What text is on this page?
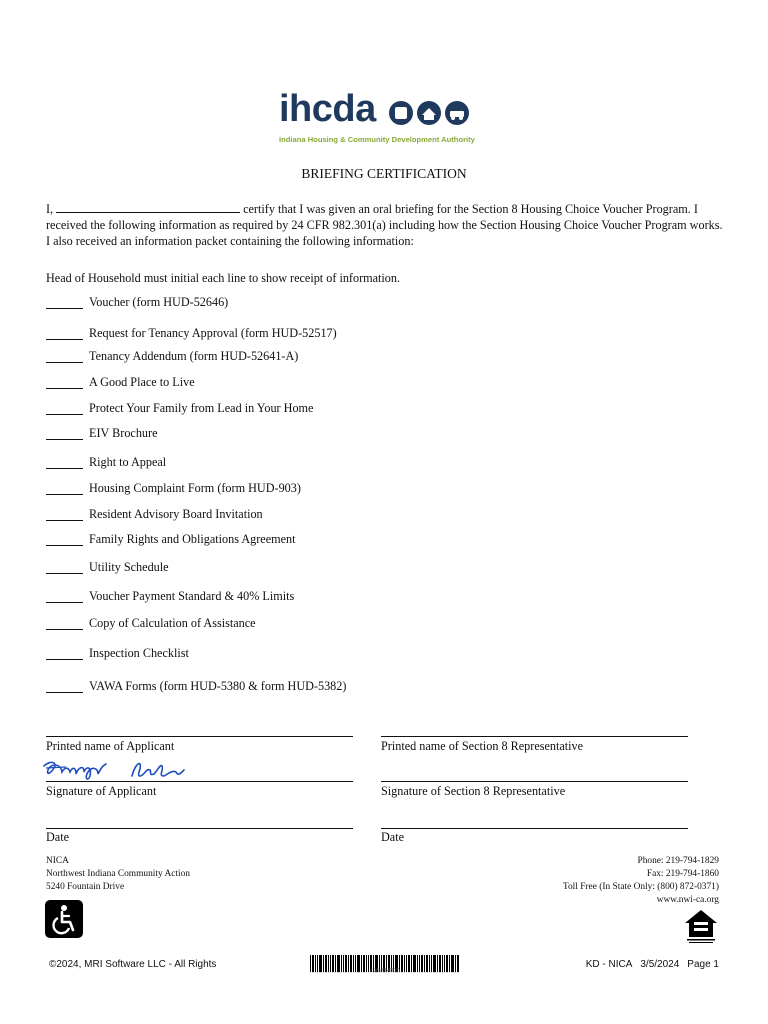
ihcda
Indiana Housing & Community Development Authority
BRIEFING CERTIFICATION
I,	certify that I was given an oral briefing for the Section 8 Housing Choice Voucher Program. I received the following information as required by 24 CFR 982.301(a) including how the Section Housing Choice Voucher Program works. I also received an information packet containing the following information:
Head of Household must initial each line to show receipt of information.
Voucher (form HUD-52646)
Request for Tenancy Approval (form HUD-52517)
Tenancy Addendum (form HUD-52641-A)
A Good Place to Live
Protect Your Family from Lead in Your Home
EIV Brochure
Right to Appeal
Housing Complaint Form (form HUD-903)
Resident Advisory Board Invitation
Family Rights and Obligations Agreement
Utility Schedule
Voucher Payment Standard & 40% Limits
Copy of Calculation of Assistance
Inspection Checklist
VAWA Forms (form HUD-5380 & form HUD-5382)
Printed name of Applicant
Signature of Applicant
Date
Printed name of Section 8 Representative
Signature of Section 8 Representative
Date
NICA
Northwest Indiana Community Action
5240 Fountain Drive
Phone: 219-794-1829
Fax: 219-794-1860
Toll Free (In State Only: (800) 872-0371)
www.nwi-ca.org
©2024, MRI Software LLC - All Rights
c'36e9b4807\
KD - NICA 3/5/2024 Page 1
